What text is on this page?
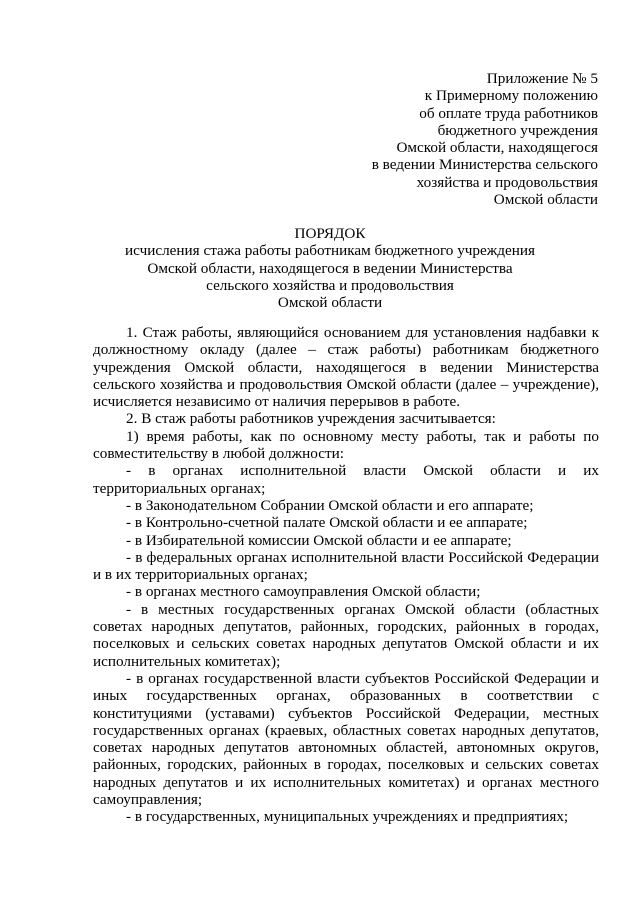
Приложение № 5
к Примерному положению
об оплате труда работников
бюджетного учреждения
Омской области, находящегося
в ведении Министерства сельского
хозяйства и продовольствия
Омской области
ПОРЯДОК
исчисления стажа работы работникам бюджетного учреждения
Омской области, находящегося в ведении Министерства
сельского хозяйства и продовольствия
Омской области

1. Стаж работы, являющийся основанием для установления надбавки к должностному окладу (далее – стаж работы) работникам бюджетного учреждения Омской области, находящегося в ведении Министерства сельского хозяйства и продовольствия Омской области (далее – учреждение), исчисляется независимо от наличия перерывов в работе.

2. В стаж работы работников учреждения засчитывается:

1) время работы, как по основному месту работы, так и работы по совместительству в любой должности:

- в органах исполнительной власти Омской области и их территориальных органах;

- в Законодательном Собрании Омской области и его аппарате;

- в Контрольно-счетной палате Омской области и ее аппарате;

- в Избирательной комиссии Омской области и ее аппарате;

- в федеральных органах исполнительной власти Российской Федерации и в их территориальных органах;

- в органах местного самоуправления Омской области;

- в местных государственных органах Омской области (областных советах народных депутатов, районных, городских, районных в городах, поселковых и сельских советах народных депутатов Омской области и их исполнительных комитетах);

- в органах государственной власти субъектов Российской Федерации и иных государственных органах, образованных в соответствии с конституциями (уставами) субъектов Российской Федерации, местных государственных органах (краевых, областных советах народных депутатов, советах народных депутатов автономных областей, автономных округов, районных, городских, районных в городах, поселковых и сельских советах народных депутатов и их исполнительных комитетах) и органах местного самоуправления;

- в государственных, муниципальных учреждениях и предприятиях;
